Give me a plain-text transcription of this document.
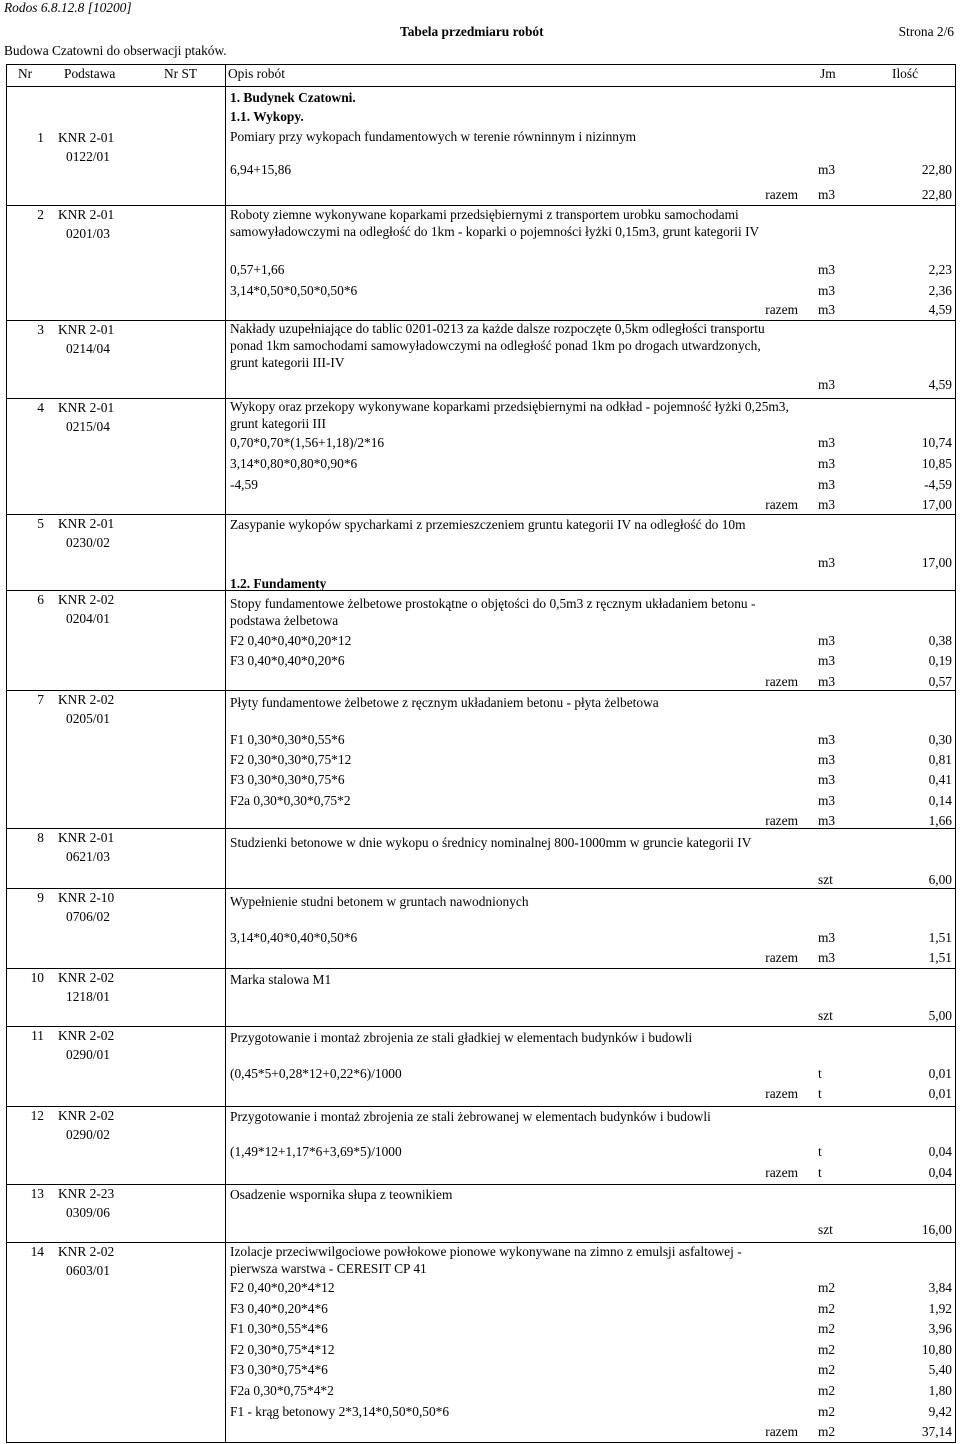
Rodos 6.8.12.8 [10200]
Tabela przedmiaru robót	Strona 2/6
Budowa Czatowni do obserwacji ptaków.
Nr Podstawa	Nr ST Opis robót	Jm	Ilość
1. Budynek Czatowni.
1.1. Wykopy.
1.2. Fundamenty
1 KNR 2-01
0122/01
Pomiary przy wykopach fundamentowych w terenie równinnym i nizinnym
6,94+15,86	m3	22,80
razem m3	22,80
2 KNR 2-01
0201/03
Roboty ziemne wykonywane koparkami przedsiębiernymi z transportem urobku samochodami samowyładowczymi na odległość do 1km - koparki o pojemności łyżki 0,15m3, grunt kategorii IV
0,57+1,66	m3	2,23
3,14*0,50*0,50*0,50*6	m3	2,36
razem m3	4,59
3 KNR 2-01
0214/04
Nakłady uzupełniające do tablic 0201-0213 za każde dalsze rozpoczęte 0,5km odległości transportu ponad 1km samochodami samowyładowczymi na odległość ponad 1km po drogach utwardzonych, grunt kategorii III-IV
m3	4,59
4 KNR 2-01
0215/04
Wykopy oraz przekopy wykonywane koparkami przedsiębiernymi na odkład - pojemność łyżki 0,25m3, grunt kategorii III
0,70*0,70*(1,56+1,18)/2*16	m3	10,74
3,14*0,80*0,80*0,90*6	m3	10,85
-4,59	m3	-4,59
razem m3	17,00
5 KNR 2-01
0230/02
Zasypanie wykopów spycharkami z przemieszczeniem gruntu kategorii IV na odległość do 10m
m3	17,00
6 KNR 2-02
0204/01
Stopy fundamentowe żelbetowe prostokątne o objętości do 0,5m3 z ręcznym układaniem betonu - podstawa żelbetowa
F2 0,40*0,40*0,20*12	m3	0,38
F3 0,40*0,40*0,20*6	m3	0,19
razem m3	0,57
7 KNR 2-02
0205/01
Płyty fundamentowe żelbetowe z ręcznym układaniem betonu - płyta żelbetowa
F1 0,30*0,30*0,55*6	m3	0,30
F2 0,30*0,30*0,75*12	m3	0,81
F3 0,30*0,30*0,75*6	m3	0,41
F2a 0,30*0,30*0,75*2	m3	0,14
razem m3	1,66
8 KNR 2-01
0621/03
Studzienki betonowe w dnie wykopu o średnicy nominalnej 800-1000mm w gruncie kategorii IV
szt	6,00
9 KNR 2-10
0706/02
Wypełnienie studni betonem w gruntach nawodnionych
3,14*0,40*0,40*0,50*6	m3	1,51
razem m3	1,51
10 KNR 2-02
1218/01
Marka stalowa M1
szt	5,00
11 KNR 2-02
0290/01
Przygotowanie i montaż zbrojenia ze stali gładkiej w elementach budynków i budowli
(0,45*5+0,28*12+0,22*6)/1000	t	0,01
razem t	0,01
12 KNR 2-02
0290/02
Przygotowanie i montaż zbrojenia ze stali żebrowanej w elementach budynków i budowli
(1,49*12+1,17*6+3,69*5)/1000	t	0,04
razem t	0,04
13 KNR 2-23
0309/06
Osadzenie wspornika słupa z teownikiem
szt	16,00
14 KNR 2-02
0603/01
Izolacje przeciwwilgociowe powłokowe pionowe wykonywane na zimno z emulsji asfaltowej - pierwsza warstwa - CERESIT CP 41
F2 0,40*0,20*4*12	m2	3,84
F3 0,40*0,20*4*6	m2	1,92
F1 0,30*0,55*4*6	m2	3,96
F2 0,30*0,75*4*12	m2	10,80
F3 0,30*0,75*4*6	m2	5,40
F2a 0,30*0,75*4*2	m2	1,80
F1 - krąg betonowy 2*3,14*0,50*0,50*6	m2	9,42
razem m2	37,14
